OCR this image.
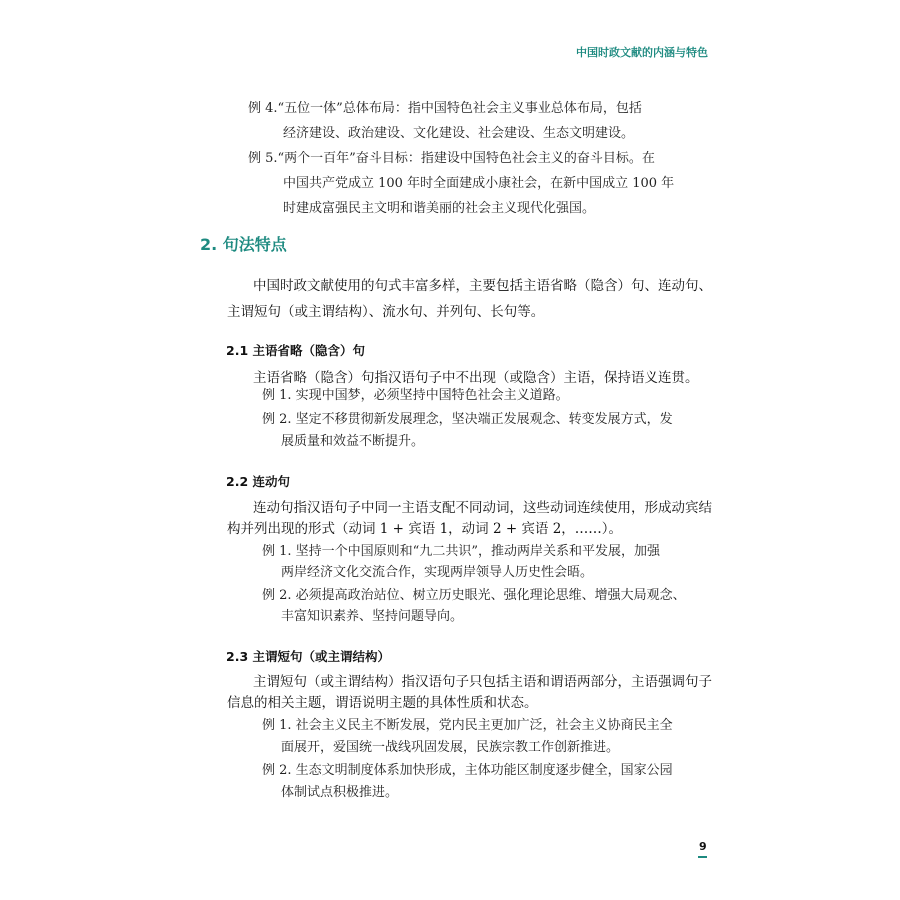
中国时政文献的内涵与特色
例 4.“五位一体”总体布局：指中国特色社会主义事业总体布局，包括
经济建设、政治建设、文化建设、社会建设、生态文明建设。
例 5.“两个一百年”奋斗目标：指建设中国特色社会主义的奋斗目标。在
中国共产党成立 100 年时全面建成小康社会，在新中国成立 100 年
时建成富强民主文明和谐美丽的社会主义现代化强国。
2. 句法特点
中国时政文献使用的句式丰富多样，主要包括主语省略（隐含）句、连动句、
主谓短句（或主谓结构）、流水句、并列句、长句等。
2.1 主语省略（隐含）句
主语省略（隐含）句指汉语句子中不出现（或隐含）主语，保持语义连贯。
例 1. 实现中国梦，必须坚持中国特色社会主义道路。
例 2. 坚定不移贯彻新发展理念，坚决端正发展观念、转变发展方式，发
展质量和效益不断提升。
2.2 连动句
连动句指汉语句子中同一主语支配不同动词，这些动词连续使用，形成动宾结
构并列出现的形式（动词 1 + 宾语 1，动词 2 + 宾语 2，……）。
例 1. 坚持一个中国原则和“九二共识”，推动两岸关系和平发展，加强
两岸经济文化交流合作，实现两岸领导人历史性会晤。
例 2. 必须提高政治站位、树立历史眼光、强化理论思维、增强大局观念、
丰富知识素养、坚持问题导向。
2.3 主谓短句（或主谓结构）
主谓短句（或主谓结构）指汉语句子只包括主语和谓语两部分，主语强调句子
信息的相关主题，谓语说明主题的具体性质和状态。
例 1. 社会主义民主不断发展，党内民主更加广泛，社会主义协商民主全
面展开，爱国统一战线巩固发展，民族宗教工作创新推进。
例 2. 生态文明制度体系加快形成，主体功能区制度逐步健全，国家公园
体制试点积极推进。
9
